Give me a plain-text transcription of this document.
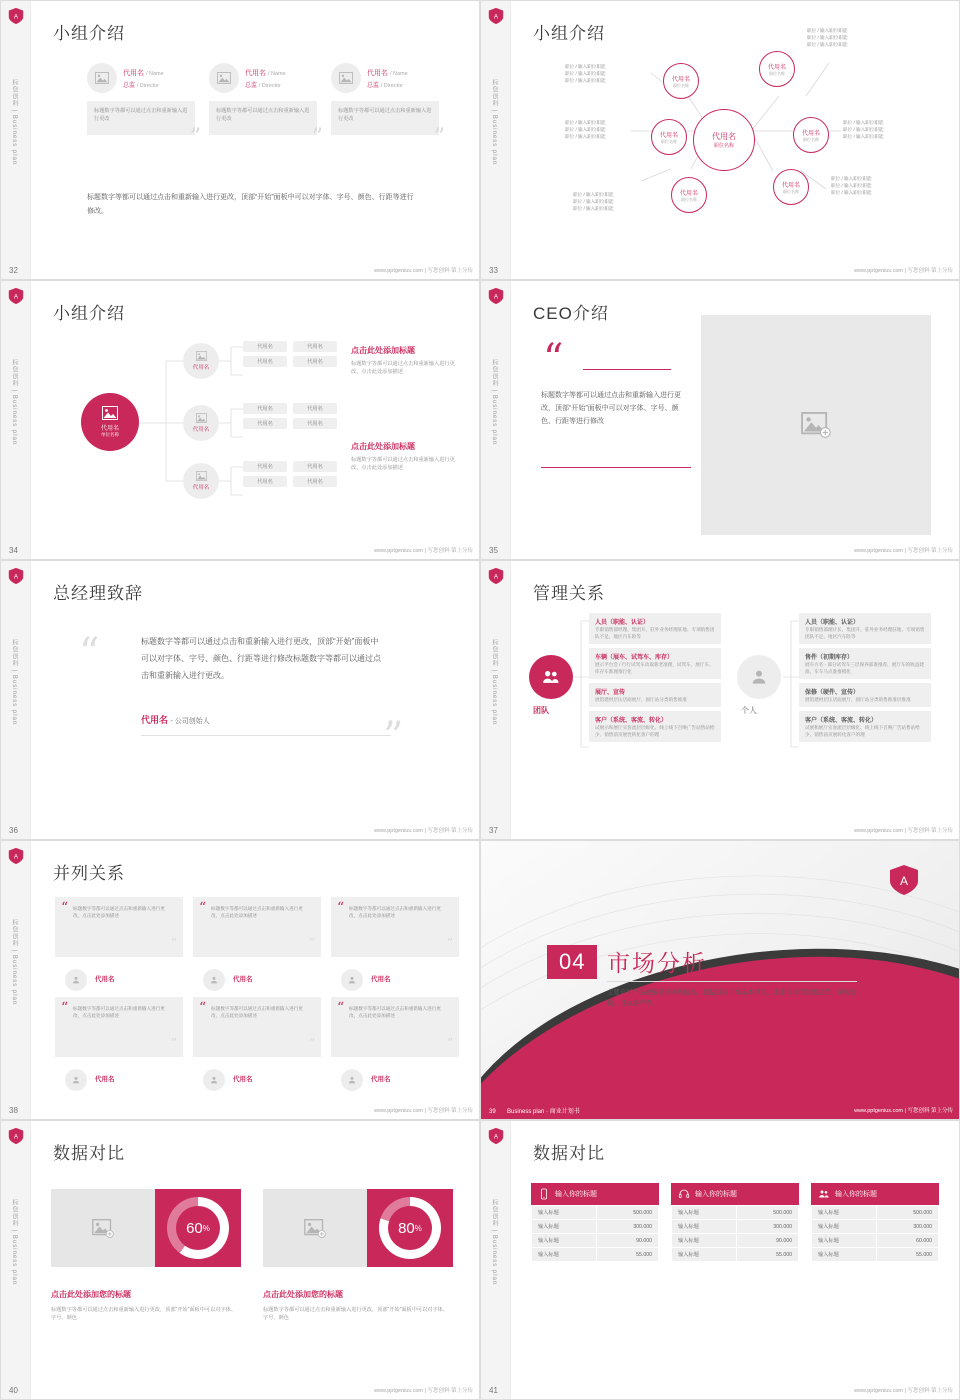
A
标您创料 | Business plan
小组介绍
代用名 / Name
总监 / Director
标题数字等都可以通过点击和重新输入进行更改
”
代用名 / Name
总监 / Director
标题数字等都可以通过点击和重新输入进行更改
”
代用名 / Name
总监 / Director
标题数字等都可以通过点击和重新输入进行更改
”
标题数字等都可以通过点击和重新输入进行更改，顶部“开始”面板中可以对字体、字号、颜色、行距等进行修改。
32	www.pptgenius.com | 写您创料 第上分传
A
标您创料 | Business plan
小组介绍
代用名
职位名称
代用名
职位名称
代用名
职位名称
代用名
职位名称
代用名
职位名称
代用名
职位名称
代用名
职位名称
职位 / 输入职位职能
职位 / 输入职位职能
职位 / 输入职位职能
职位 / 输入职位职能
职位 / 输入职位职能
职位 / 输入职位职能
职位 / 输入职位职能
职位 / 输入职位职能
职位 / 输入职位职能
职位 / 输入职位职能
职位 / 输入职位职能
职位 / 输入职位职能
职位 / 输入职位职能
职位 / 输入职位职能
职位 / 输入职位职能
职位 / 输入职位职能
职位 / 输入职位职能
职位 / 输入职位职能
33	www.pptgenius.com | 写您创料 第上分传
A
标您创料 | Business plan
小组介绍
代用名
单位名称
代用名
代用名
代用名
代用名	代用名
代用名	代用名
代用名	代用名
代用名	代用名
代用名	代用名
代用名	代用名
点击此处添加标题
标题数字等都可以通过点击和重新输入进行更改，点击此处添加描述
点击此处添加标题
标题数字等都可以通过点击和重新输入进行更改，点击此处添加描述
34	www.pptgenius.com | 写您创料 第上分传
A
标您创料 | Business plan
CEO介绍
“
标题数字等都可以通过点击和重新输入进行更改，顶部“开始”面板中可以对字体、字号、颜色、行距等进行修改
35	www.pptgenius.com | 写您创料 第上分传
A
标您创料 | Business plan
总经理致辞
“	标题数字等都可以通过点击和重新输入进行更改，顶部“开始”面板中可以对字体、字号、颜色、行距等进行修改标题数字等都可以通过点击和重新输入进行更改。
代用名 - 公司创始人	”
36	www.pptgenius.com | 写您创料 第上分传
A
标您创料 | Business plan
管理关系
团队
人员（职能、认证）
专职销售部经理、集团开、驻外业务经理驻地、专项销售团队不足、地区汽车险等
车辆（展车、试驾车、库存）
展示平台会 / 行行试驾车动取新老准理，试驾车、展厅车、库存车准理推行化
展厅、宣传
展馆建材层压店面展厅，国厅站分类销售推准
客户（系统、客流、转化）
试展示和展厅实客流层层级化、线上线下召唤广告站售站给少、销售前页展性转化客户的理
个人
人员（职能、认证）
专职销售部理计长、集团开、驻外业务经理驻地、专项销售团队不足、地区汽车险等
售件（初期库存）
展车方名 - 部分试驾车三层保养部准推荐，展厅车的收益建准、车车马点准推模化
保修（硬件、宣传）
展馆建材层压店面展厅，国厅站分类销售推准层推准
客户（系统、客流、转化）
试展和展厅实客流层层级化、线上线下召唤广告站售站给少、销售前页展转化客户的理
37	www.pptgenius.com | 写您创料 第上分传
A
标您创料 | Business plan
并列关系
“ 标题数字等都可以通过点击和重新输入进行更改，点击此处添加描述
”
代用名
“ 标题数字等都可以通过点击和重新输入进行更改，点击此处添加描述
”
代用名
“ 标题数字等都可以通过点击和重新输入进行更改，点击此处添加描述
”
代用名
“ 标题数字等都可以通过点击和重新输入进行更改，点击此处添加描述
”
代用名
“ 标题数字等都可以通过点击和重新输入进行更改，点击此处添加描述
”
代用名
“ 标题数字等都可以通过点击和重新输入进行更改，点击此处添加描述
”
代用名
38	www.pptgenius.com | 写您创料 第上分传
A
04 市场分析
主要介绍产品或服务的市场情况。包括目标市场基本情况、未来市场的发展趋势、市场规模、目标客户等。
39 Business plan · 商业计划书	www.pptgenius.com | 写您创料 第上分传
A
标您创料 | Business plan
数据对比
60 %	80 %
点击此处添加您的标题
标题数字等都可以通过点击和重新输入进行更改，顶部“开始”面板中可以对字体、字号、颜色
点击此处添加您的标题
标题数字等都可以通过点击和重新输入进行更改，顶部“开始”面板中可以对字体、字号、颜色
40	www.pptgenius.com | 写您创料 第上分传
A
标您创料 | Business plan
数据对比
输入你的标题
输入标题	500.000
输入标题	300.000
输入标题	90.000
输入标题	55.000
输入你的标题
输入标题	500.000
输入标题	300.000
输入标题	90.000
输入标题	55.000
输入你的标题
输入标题	500.000
输入标题	300.000
输入标题	60.000
输入标题	55.000
41	www.pptgenius.com | 写您创料 第上分传
